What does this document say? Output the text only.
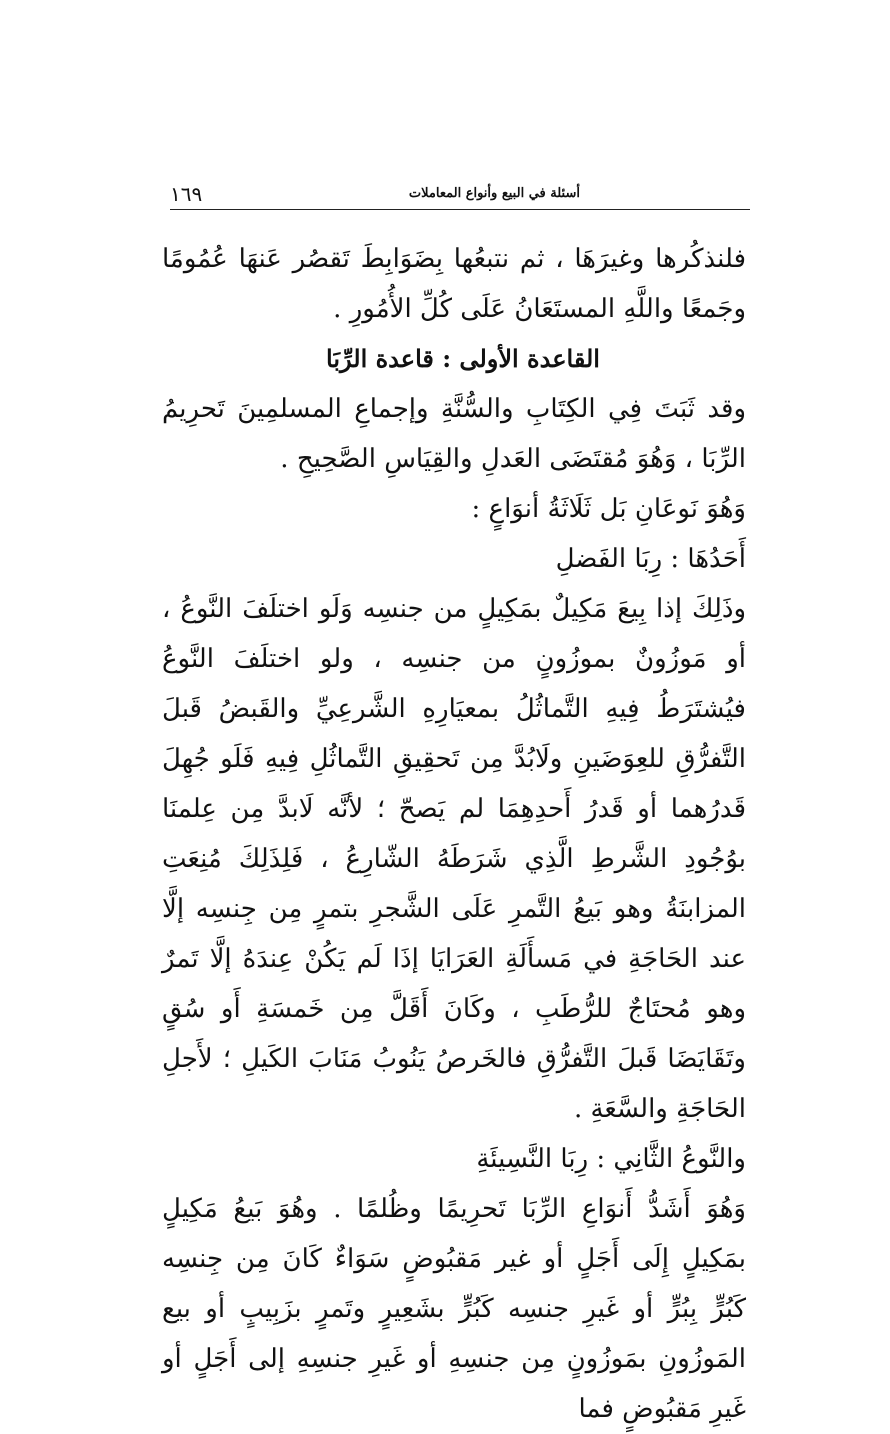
أسئلة في البيع وأنواع المعاملات
١٦٩

فلنذكُرها وغيرَهَا ، ثم نتبعُها بِضَوَابِطَ تَقصُر عَنهَا عُمُومًا وجَمعًا واللَّهِ المستَعَانُ عَلَى كُلِّ الأُمُورِ .

القاعدة الأولى : قاعدة الرِّبَا

وقد ثَبَتَ فِي الكِتَابِ والسُّنَّةِ وإجماعِ المسلمِينَ تَحرِيمُ الرِّبَا ، وَهُوَ مُقتَضَى العَدلِ والقِيَاسِ الصَّحِيحِ .

وَهُوَ نَوعَانِ بَل ثَلَاثَةُ أنوَاعٍ :

أَحَدُهَا : رِبَا الفَضلِ

وذَلِكَ إذا بِيعَ مَكِيلٌ بمَكِيلٍ من جنسِه وَلَو اختلَفَ النَّوعُ ، أو مَوزُونٌ بموزُونٍ من جنسِه ، ولو اختلَفَ النَّوعُ فيُشتَرَطُ فِيهِ التَّماثُلُ بمعيَارِهِ الشَّرعِيِّ والقَبضُ قَبلَ التَّفرُّقِ للعِوَضَينِ ولَابُدَّ مِن تَحقِيقِ التَّماثُلِ فِيهِ فَلَو جُهِلَ قَدرُهما أو قَدرُ أَحدِهِمَا لم يَصحّ ؛ لأنَّه لَابدَّ مِن عِلمنَا بوُجُودِ الشَّرطِ الَّذِي شَرَطَهُ الشّارِعُ ، فَلِذَلِكَ مُنِعَتِ المزابنَةُ وهو بَيعُ التَّمرِ عَلَى الشَّجرِ بتمرٍ مِن جِنسِه إلَّا عند الحَاجَةِ في مَسأَلَةِ العَرَايَا إذَا لَم يَكُنْ عِندَهُ إلَّا تَمرٌ وهو مُحتَاجٌ للرُّطَبِ ، وكَانَ أَقَلَّ مِن خَمسَةِ أَو سُقٍ وتَقَايَضَا قَبلَ التَّفرُّقِ فالخَرصُ يَنُوبُ مَنَابَ الكَيلِ ؛ لأَجلِ الحَاجَةِ والسَّعَةِ .

والنَّوعُ الثَّانِي : رِبَا النَّسِيئَةِ

وَهُوَ أَشَدُّ أَنوَاعِ الرِّبَا تَحرِيمًا وظُلمًا . وهُوَ بَيعُ مَكِيلٍ بمَكِيلٍ إِلَى أَجَلٍ أو غير مَقبُوضٍ سَوَاءٌ كَانَ مِن جِنسِه كَبُرٍّ بِبُرٍّ أو غَيرِ جنسِه كَبُرٍّ بشَعِيرٍ وتَمرٍ بزَبِيبٍ أو بيع المَوزُونِ بمَوزُونٍ مِن جنسِهِ أو غَيرِ جنسِهِ إلى أَجَلٍ أو غَيرِ مَقبُوضٍ فما
